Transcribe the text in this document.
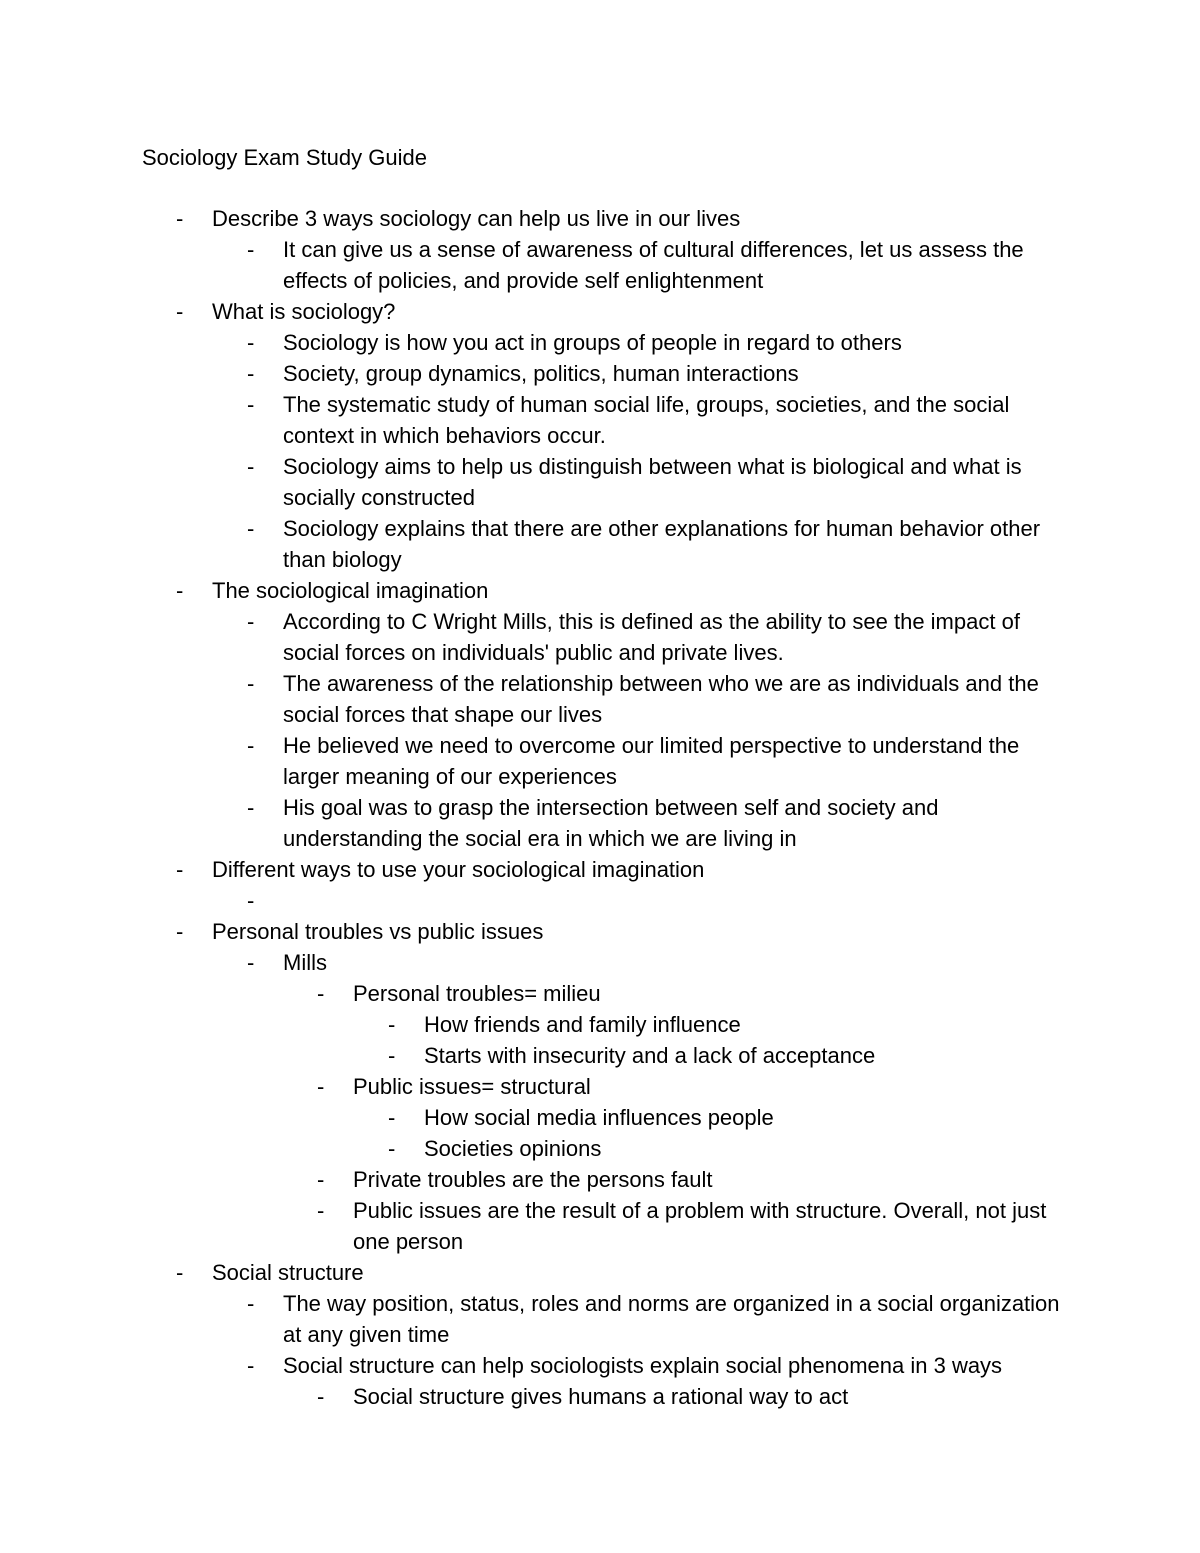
Sociology Exam Study Guide
- Describe 3 ways sociology can help us live in our lives
- It can give us a sense of awareness of cultural differences, let us assess the effects of policies, and provide self enlightenment
- What is sociology?
- Sociology is how you act in groups of people in regard to others
- Society, group dynamics, politics, human interactions
- The systematic study of human social life, groups, societies, and the social context in which behaviors occur.
- Sociology aims to help us distinguish between what is biological and what is socially constructed
- Sociology explains that there are other explanations for human behavior other than biology
- The sociological imagination
- According to C Wright Mills, this is defined as the ability to see the impact of social forces on individuals' public and private lives.
- The awareness of the relationship between who we are as individuals and the social forces that shape our lives
- He believed we need to overcome our limited perspective to understand the larger meaning of our experiences
- His goal was to grasp the intersection between self and society and understanding the social era in which we are living in
- Different ways to use your sociological imagination
-
- Personal troubles vs public issues
- Mills
- Personal troubles= milieu
- How friends and family influence
- Starts with insecurity and a lack of acceptance
- Public issues= structural
- How social media influences people
- Societies opinions
- Private troubles are the persons fault
- Public issues are the result of a problem with structure. Overall, not just one person
- Social structure
- The way position, status, roles and norms are organized in a social organization at any given time
- Social structure can help sociologists explain social phenomena in 3 ways
- Social structure gives humans a rational way to act
